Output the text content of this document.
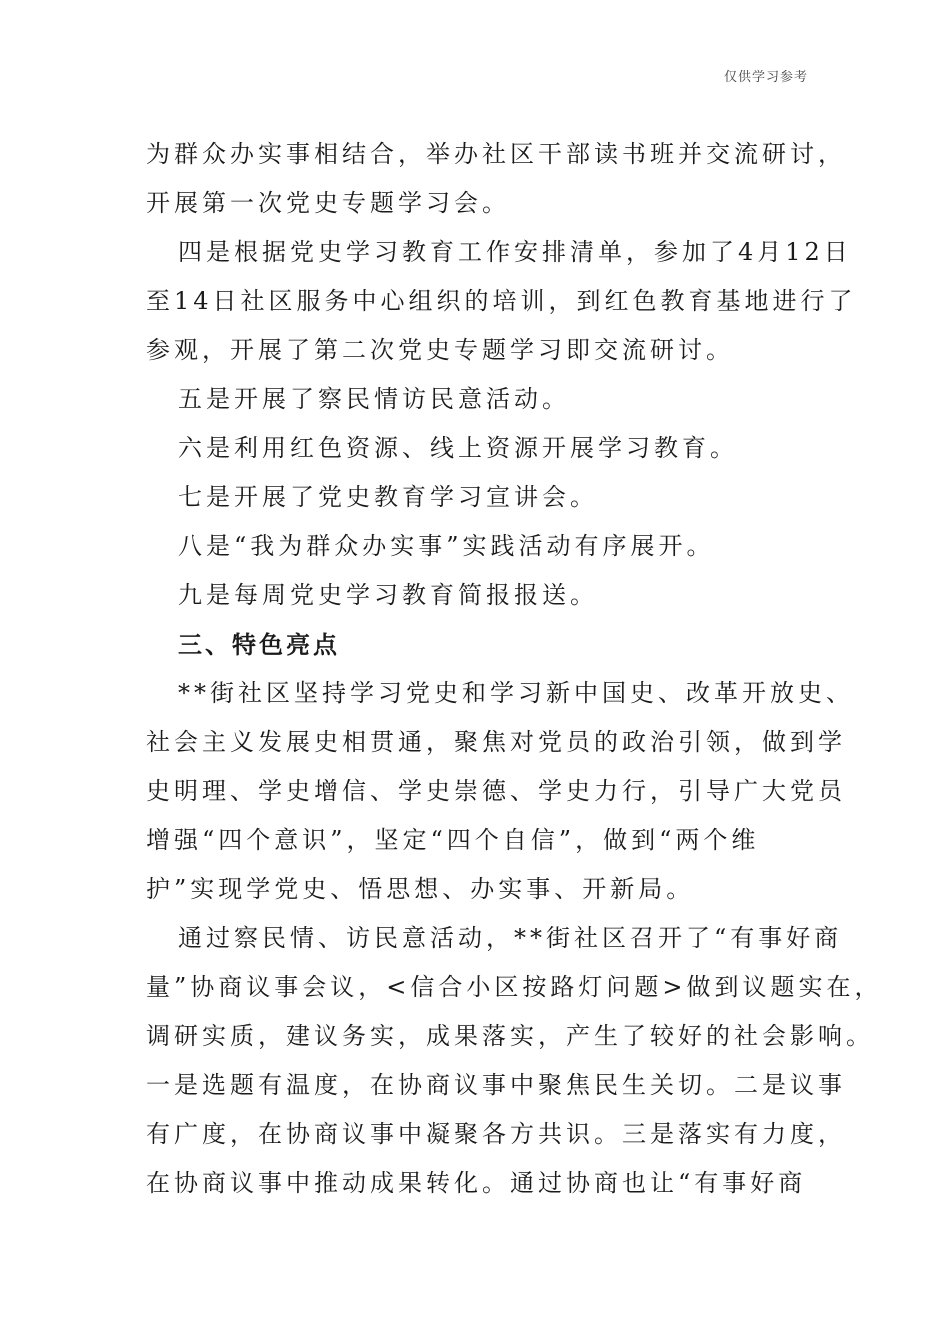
仅供学习参考
为群众办实事相结合，举办社区干部读书班并交流研讨，
开展第一次党史专题学习会。
四是根据党史学习教育工作安排清单，参加了4月12日
至14日社区服务中心组织的培训，到红色教育基地进行了
参观，开展了第二次党史专题学习即交流研讨。
五是开展了察民情访民意活动。
六是利用红色资源、线上资源开展学习教育。
七是开展了党史教育学习宣讲会。
八是“我为群众办实事”实践活动有序展开。
九是每周党史学习教育简报报送。
三、特色亮点
**街社区坚持学习党史和学习新中国史、改革开放史、
社会主义发展史相贯通，聚焦对党员的政治引领，做到学
史明理、学史增信、学史崇德、学史力行，引导广大党员
增强“四个意识”，坚定“四个自信”，做到“两个维
护”实现学党史、悟思想、办实事、开新局。
通过察民情、访民意活动，**街社区召开了“有事好商
量”协商议事会议，<信合小区按路灯问题>做到议题实在，
调研实质，建议务实，成果落实，产生了较好的社会影响。
一是选题有温度，在协商议事中聚焦民生关切。二是议事
有广度，在协商议事中凝聚各方共识。三是落实有力度，
在协商议事中推动成果转化。通过协商也让“有事好商
